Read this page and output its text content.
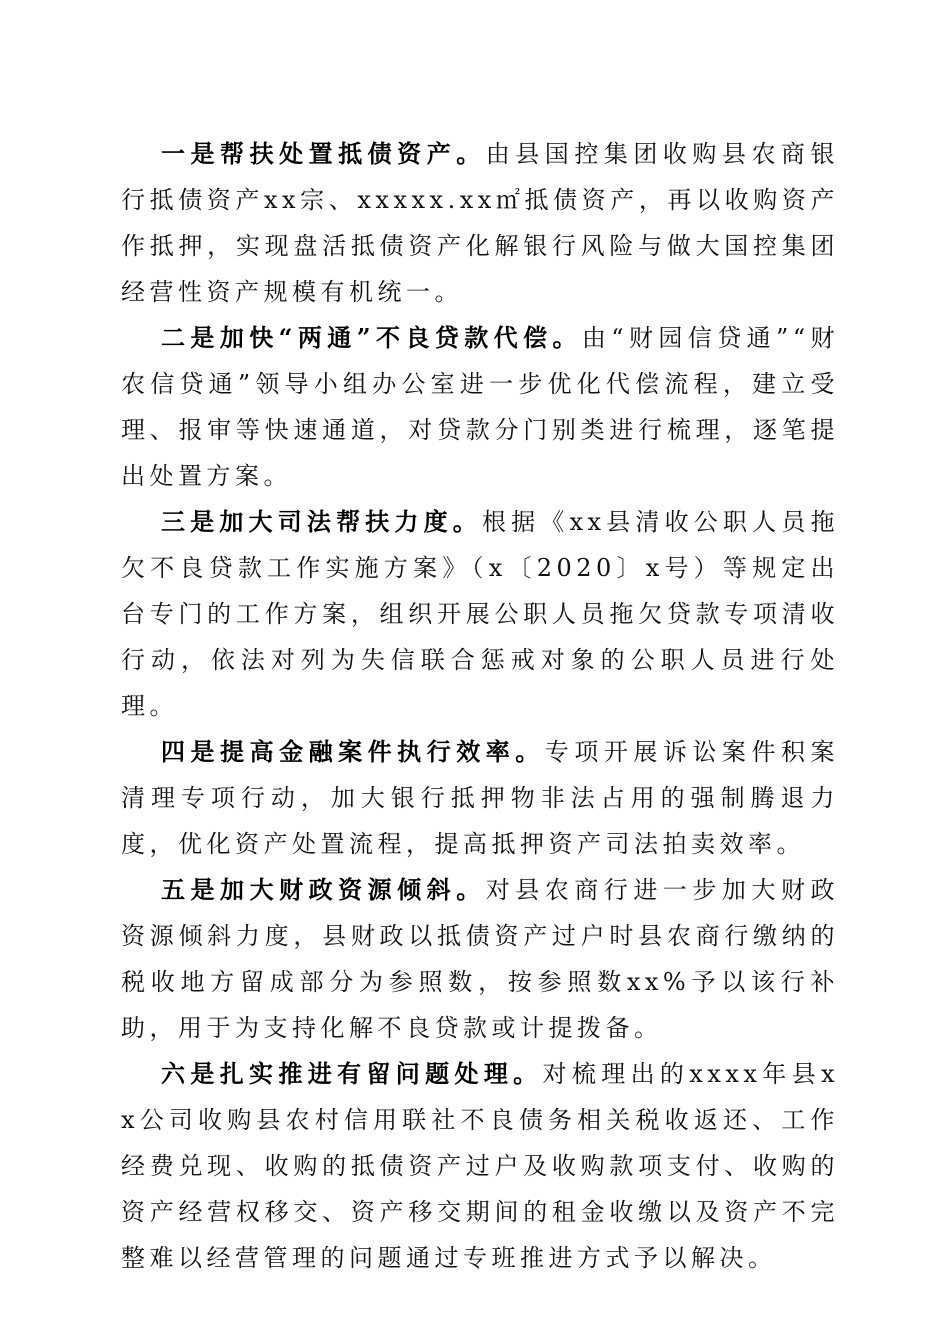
一是帮扶处置抵债资产。由县国控集团收购县农商银行抵债资产xx宗、xxxxx.xx㎡抵债资产，再以收购资产作抵押，实现盘活抵债资产化解银行风险与做大国控集团经营性资产规模有机统一。

二是加快“两通”不良贷款代偿。由“财园信贷通”“财农信贷通”领导小组办公室进一步优化代偿流程，建立受理、报审等快速通道，对贷款分门别类进行梳理，逐笔提出处置方案。

三是加大司法帮扶力度。根据《xx县清收公职人员拖欠不良贷款工作实施方案》（x〔2020〕x号）等规定出台专门的工作方案，组织开展公职人员拖欠贷款专项清收行动，依法对列为失信联合惩戒对象的公职人员进行处理。

四是提高金融案件执行效率。专项开展诉讼案件积案清理专项行动，加大银行抵押物非法占用的强制腾退力度，优化资产处置流程，提高抵押资产司法拍卖效率。

五是加大财政资源倾斜。对县农商行进一步加大财政资源倾斜力度，县财政以抵债资产过户时县农商行缴纳的税收地方留成部分为参照数，按参照数xx%予以该行补助，用于为支持化解不良贷款或计提拨备。

六是扎实推进有留问题处理。对梳理出的xxxx年县xx公司收购县农村信用联社不良债务相关税收返还、工作经费兑现、收购的抵债资产过户及收购款项支付、收购的资产经营权移交、资产移交期间的租金收缴以及资产不完整难以经营管理的问题通过专班推进方式予以解决。
